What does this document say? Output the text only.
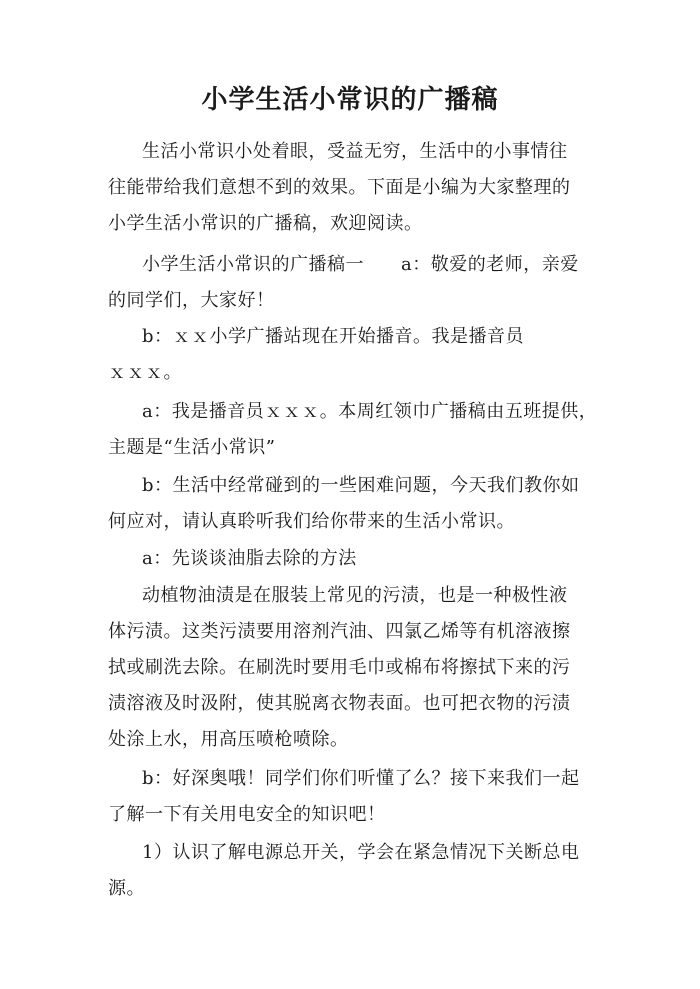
小学生活小常识的广播稿
生活小常识小处着眼，受益无穷，生活中的小事情往
往能带给我们意想不到的效果。下面是小编为大家整理的
小学生活小常识的广播稿，欢迎阅读。
小学生活小常识的广播稿一　　a：敬爱的老师，亲爱
的同学们，大家好！
b：ｘｘ小学广播站现在开始播音。我是播音员
ｘｘｘ。
a：我是播音员ｘｘｘ。本周红领巾广播稿由五班提供，
主题是“生活小常识”
b：生活中经常碰到的一些困难问题，今天我们教你如
何应对，请认真聆听我们给你带来的生活小常识。
a：先谈谈油脂去除的方法
动植物油渍是在服装上常见的污渍，也是一种极性液
体污渍。这类污渍要用溶剂汽油、四氯乙烯等有机溶液擦
拭或刷洗去除。在刷洗时要用毛巾或棉布将擦拭下来的污
渍溶液及时汲附，使其脱离衣物表面。也可把衣物的污渍
处涂上水，用高压喷枪喷除。
b：好深奥哦！同学们你们听懂了么？接下来我们一起
了解一下有关用电安全的知识吧！
1）认识了解电源总开关，学会在紧急情况下关断总电
源。
